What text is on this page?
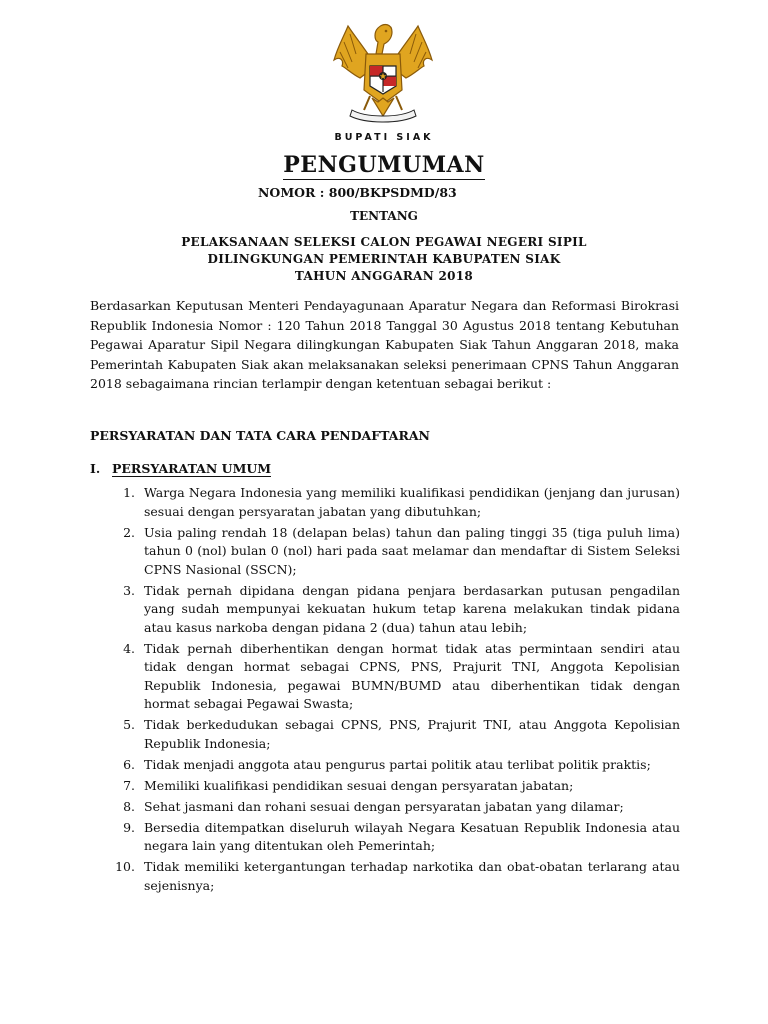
BUPATI SIAK
PENGUMUMAN
NOMOR : 800/BKPSDMD/83
TENTANG
PELAKSANAAN SELEKSI CALON PEGAWAI NEGERI SIPIL
DILINGKUNGAN PEMERINTAH KABUPATEN SIAK
TAHUN ANGGARAN 2018
Berdasarkan Keputusan Menteri Pendayagunaan Aparatur Negara dan Reformasi Birokrasi Republik Indonesia Nomor : 120 Tahun 2018 Tanggal 30 Agustus 2018 tentang Kebutuhan Pegawai Aparatur Sipil Negara dilingkungan Kabupaten Siak Tahun Anggaran 2018, maka Pemerintah Kabupaten Siak akan melaksanakan seleksi penerimaan CPNS Tahun Anggaran 2018 sebagaimana rincian terlampir dengan ketentuan sebagai berikut :
PERSYARATAN DAN TATA CARA PENDAFTARAN
I. PERSYARATAN UMUM
1. Warga Negara Indonesia yang memiliki kualifikasi pendidikan (jenjang dan jurusan) sesuai dengan persyaratan jabatan yang dibutuhkan;
2. Usia paling rendah 18 (delapan belas) tahun dan paling tinggi 35 (tiga puluh lima) tahun 0 (nol) bulan 0 (nol) hari pada saat melamar dan mendaftar di Sistem Seleksi CPNS Nasional (SSCN);
3. Tidak pernah dipidana dengan pidana penjara berdasarkan putusan pengadilan yang sudah mempunyai kekuatan hukum tetap karena melakukan tindak pidana atau kasus narkoba dengan pidana 2 (dua) tahun atau lebih;
4. Tidak pernah diberhentikan dengan hormat tidak atas permintaan sendiri atau tidak dengan hormat sebagai CPNS, PNS, Prajurit TNI, Anggota Kepolisian Republik Indonesia, pegawai BUMN/BUMD atau diberhentikan tidak dengan hormat sebagai Pegawai Swasta;
5. Tidak berkedudukan sebagai CPNS, PNS, Prajurit TNI, atau Anggota Kepolisian Republik Indonesia;
6. Tidak menjadi anggota atau pengurus partai politik atau terlibat politik praktis;
7. Memiliki kualifikasi pendidikan sesuai dengan persyaratan jabatan;
8. Sehat jasmani dan rohani sesuai dengan persyaratan jabatan yang dilamar;
9. Bersedia ditempatkan diseluruh wilayah Negara Kesatuan Republik Indonesia atau negara lain yang ditentukan oleh Pemerintah;
10. Tidak memiliki ketergantungan terhadap narkotika dan obat-obatan terlarang atau sejenisnya;
